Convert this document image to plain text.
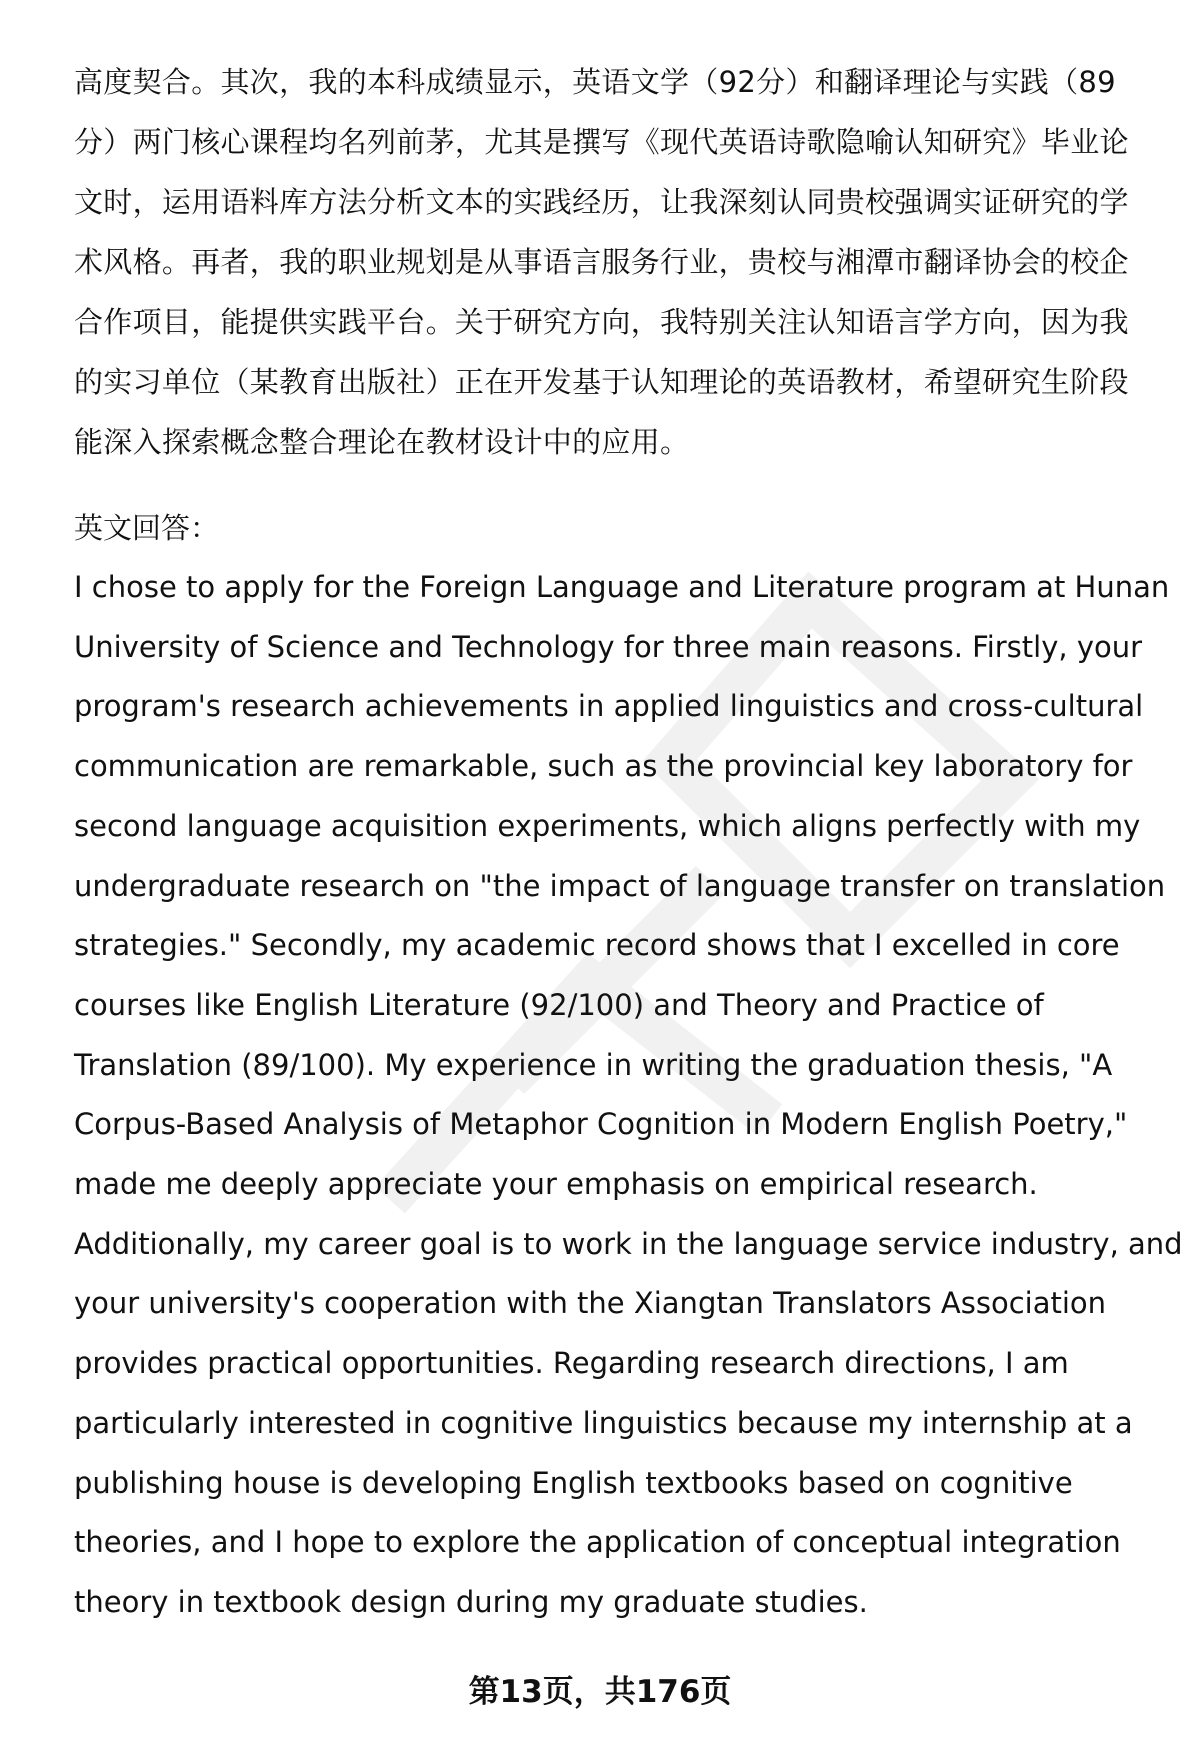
高度契合。其次，我的本科成绩显示，英语文学（92分）和翻译理论与实践（89
分）两门核心课程均名列前茅，尤其是撰写《现代英语诗歌隐喻认知研究》毕业论
文时，运用语料库方法分析文本的实践经历，让我深刻认同贵校强调实证研究的学
术风格。再者，我的职业规划是从事语言服务行业，贵校与湘潭市翻译协会的校企
合作项目，能提供实践平台。关于研究方向，我特别关注认知语言学方向，因为我
的实习单位（某教育出版社）正在开发基于认知理论的英语教材，希望研究生阶段
能深入探索概念整合理论在教材设计中的应用。

英文回答：

I chose to apply for the Foreign Language and Literature program at Hunan
University of Science and Technology for three main reasons. Firstly, your
program's research achievements in applied linguistics and cross-cultural
communication are remarkable, such as the provincial key laboratory for
second language acquisition experiments, which aligns perfectly with my
undergraduate research on "the impact of language transfer on translation
strategies." Secondly, my academic record shows that I excelled in core
courses like English Literature (92/100) and Theory and Practice of
Translation (89/100). My experience in writing the graduation thesis, "A
Corpus-Based Analysis of Metaphor Cognition in Modern English Poetry,"
made me deeply appreciate your emphasis on empirical research.
Additionally, my career goal is to work in the language service industry, and
your university's cooperation with the Xiangtan Translators Association
provides practical opportunities. Regarding research directions, I am
particularly interested in cognitive linguistics because my internship at a
publishing house is developing English textbooks based on cognitive
theories, and I hope to explore the application of conceptual integration
theory in textbook design during my graduate studies.

第13页，共176页
